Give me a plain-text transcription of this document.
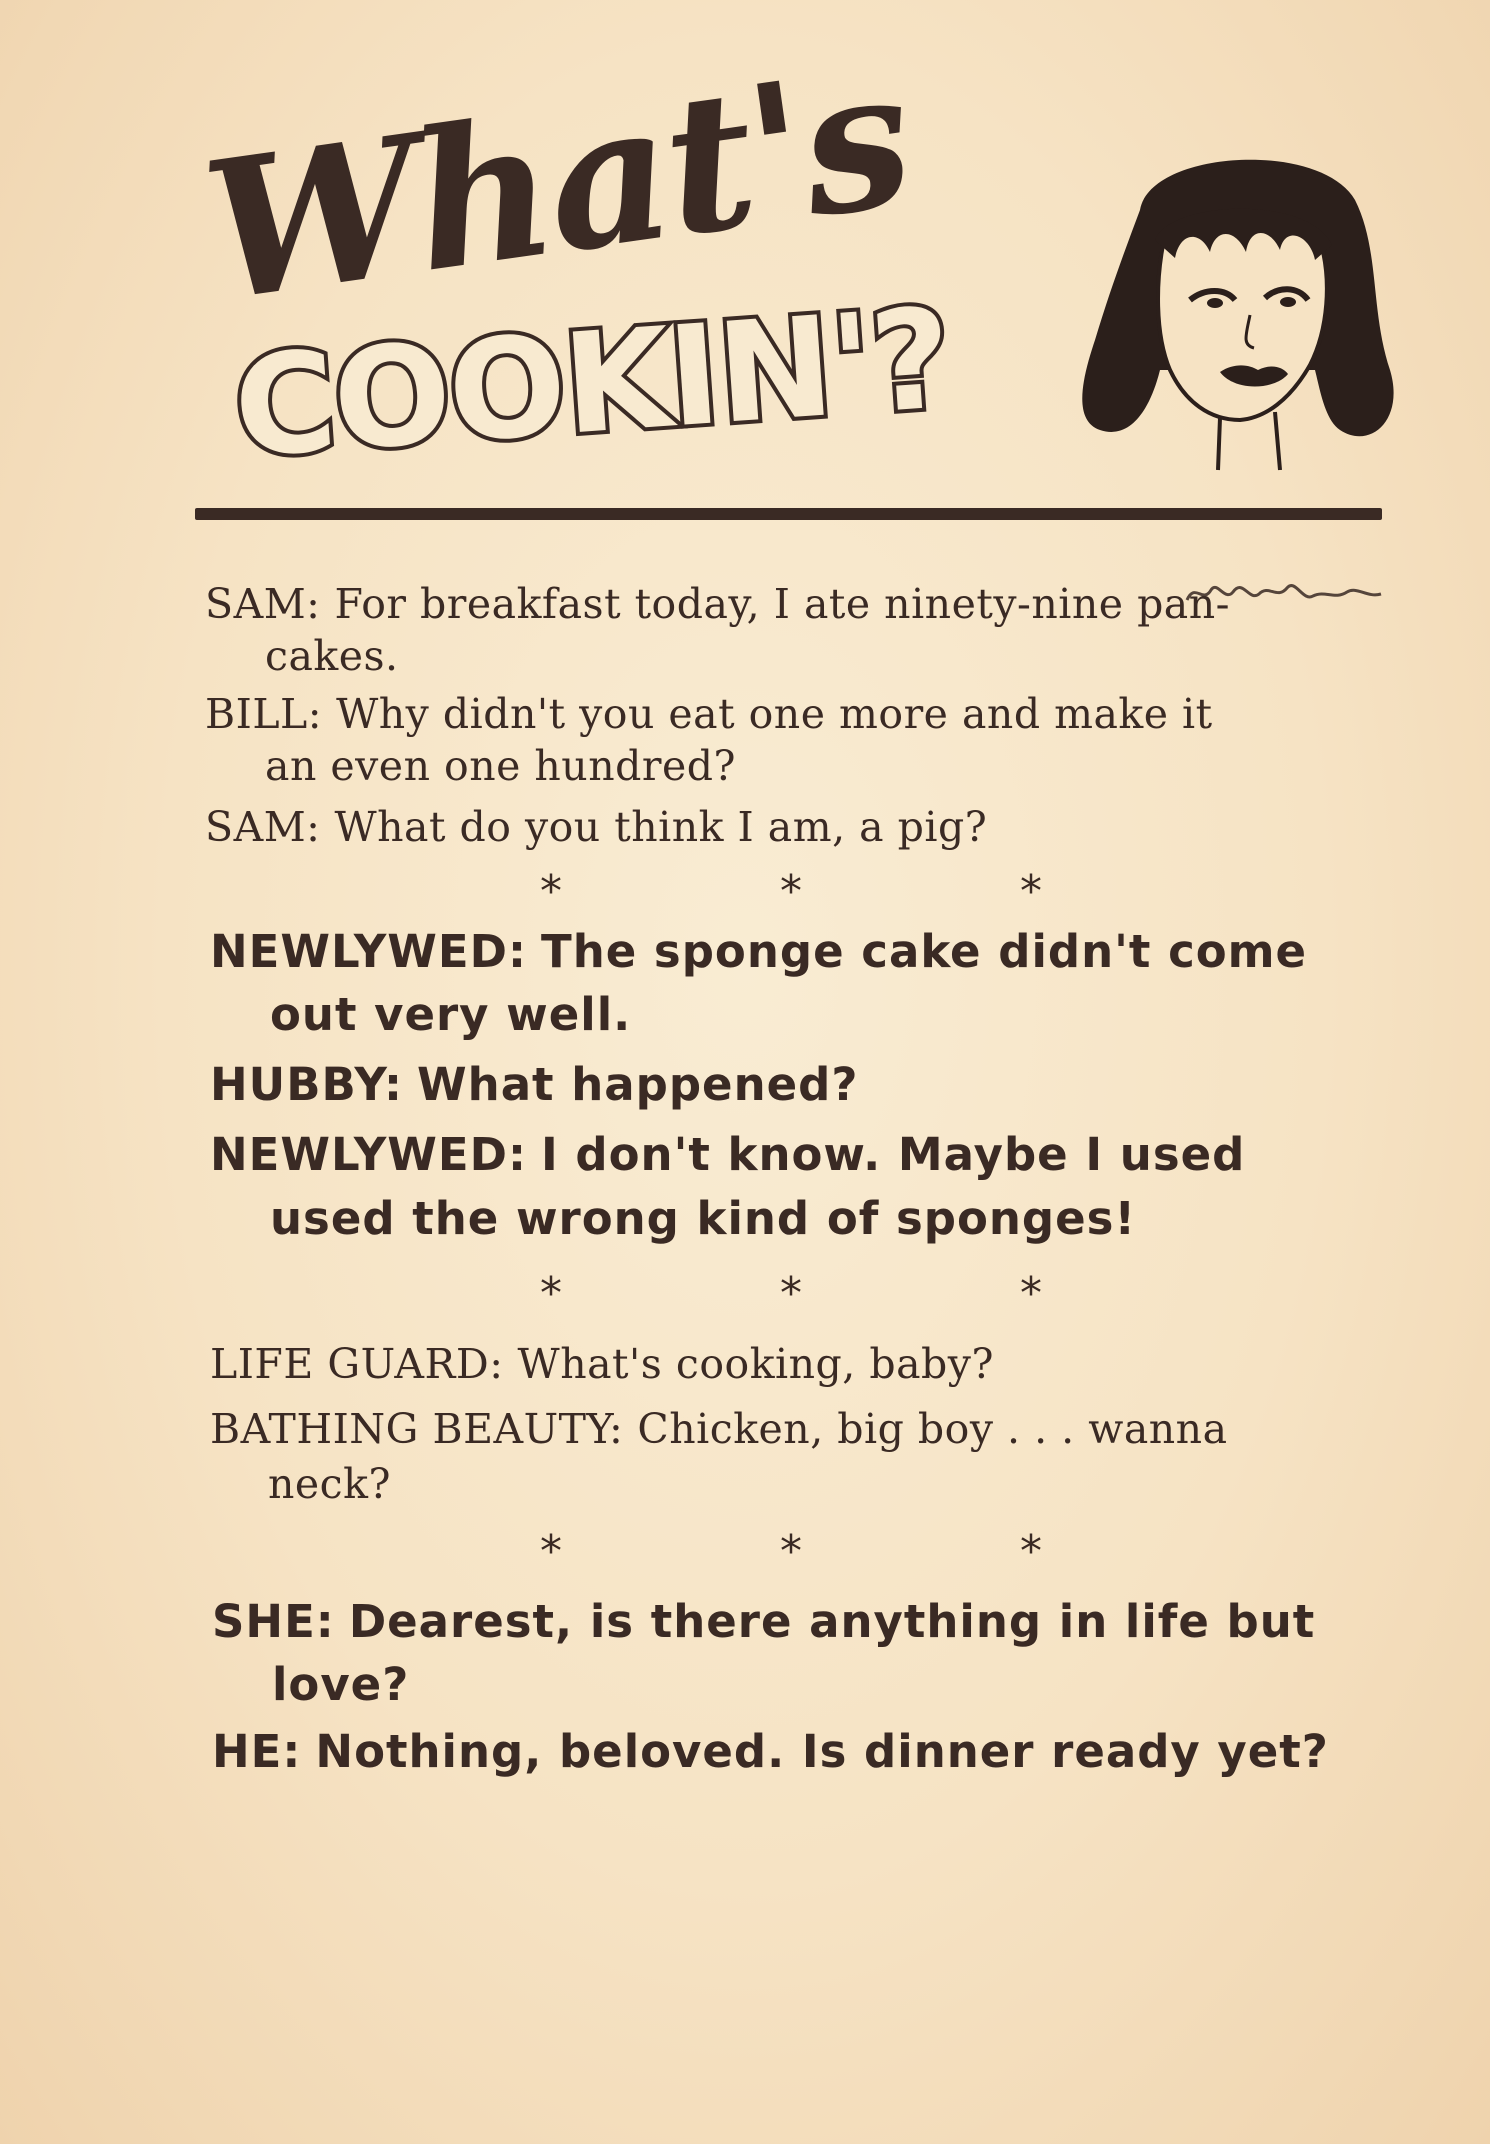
What's
COOKIN'?
SAM: For breakfast today, I ate ninety-nine pan-
cakes.
BILL: Why didn't you eat one more and make it
an even one hundred?
SAM: What do you think I am, a pig?
*	*	*
NEWLYWED: The sponge cake didn't come
out very well.
HUBBY: What happened?
NEWLYWED: I don't know. Maybe I used
used the wrong kind of sponges!
*	*	*
LIFE GUARD: What's cooking, baby?
BATHING BEAUTY: Chicken, big boy . . . wanna
neck?
*	*	*
SHE: Dearest, is there anything in life but
love?
HE: Nothing, beloved. Is dinner ready yet?
